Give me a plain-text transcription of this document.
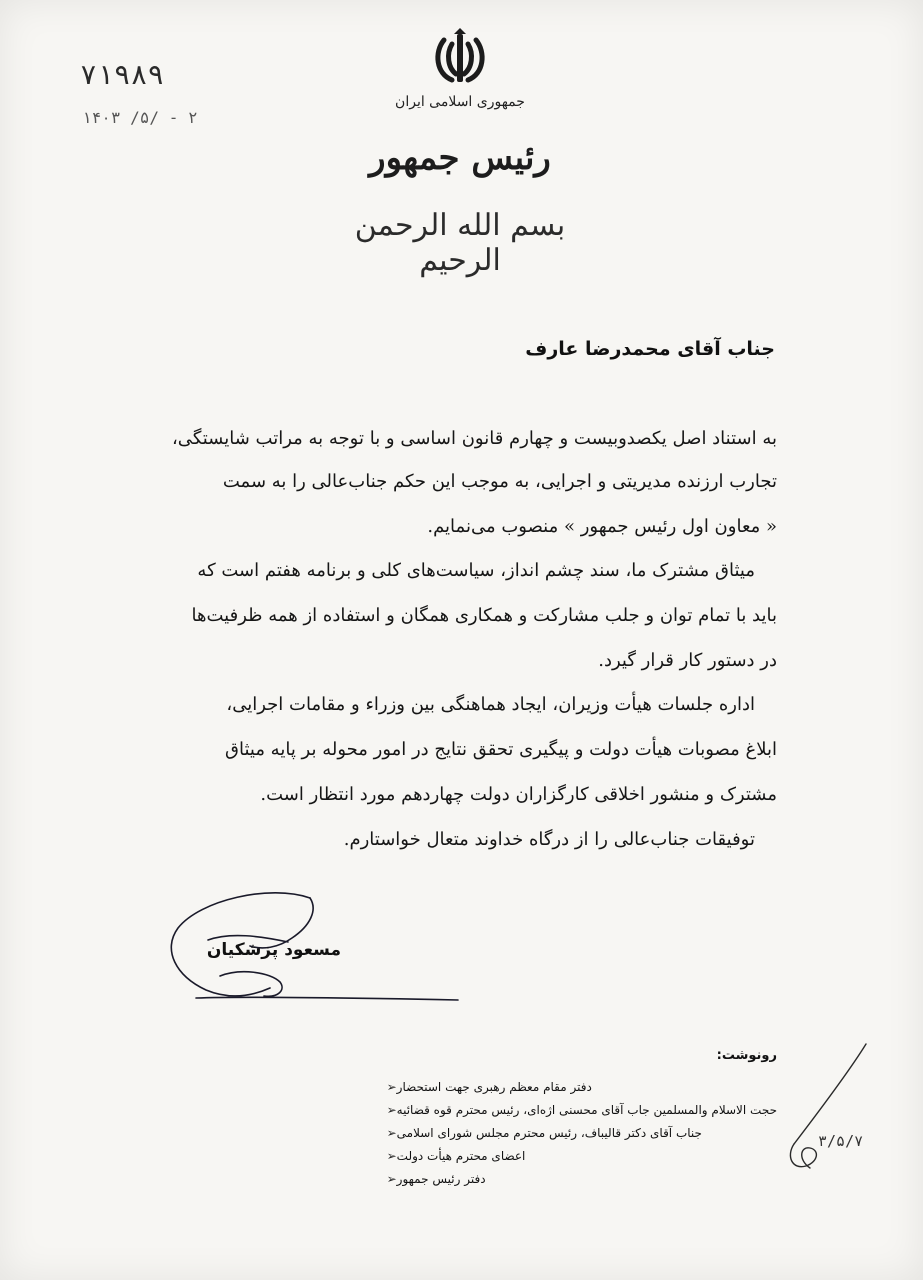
۷۱۹۸۹
۱۴۰۳ /۵/ - ۲
جمهوری اسلامی ایران
رئیس جمهور
بسم الله الرحمن الرحیم
جناب آقای محمدرضا عارف
به استناد اصل یکصدوبیست و چهارم قانون اساسی و با توجه به مراتب شایستگی،
تجارب ارزنده مدیریتی و اجرایی، به موجب این حکم جناب‌عالی را به سمت
« معاون اول رئیس جمهور » منصوب می‌نمایم.
میثاق مشترک ما، سند چشم انداز، سیاست‌های کلی و برنامه هفتم است که
باید با تمام توان و جلب مشارکت و همکاری همگان و استفاده از همه ظرفیت‌ها
در دستور کار قرار گیرد.
اداره جلسات هیأت وزیران، ایجاد هماهنگی بین وزراء و مقامات اجرایی،
ابلاغ مصوبات هیأت دولت و پیگیری تحقق نتایج در امور محوله بر پایه میثاق
مشترک و منشور اخلاقی کارگزاران دولت چهاردهم مورد انتظار است.
توفیقات جناب‌عالی را از درگاه خداوند متعال خواستارم.
مسعود پزشکیان
رونوشت:
➢ دفتر مقام معظم رهبری جهت استحضار
➢ حجت الاسلام والمسلمین جاب آقای محسنی اژه‌ای، رئیس محترم قوه قضائیه
➢ جناب آقای دکتر قالیباف، رئیس محترم مجلس شورای اسلامی
➢ اعضای محترم هیأت دولت
➢ دفتر رئیس جمهور
۳/۵/۷
